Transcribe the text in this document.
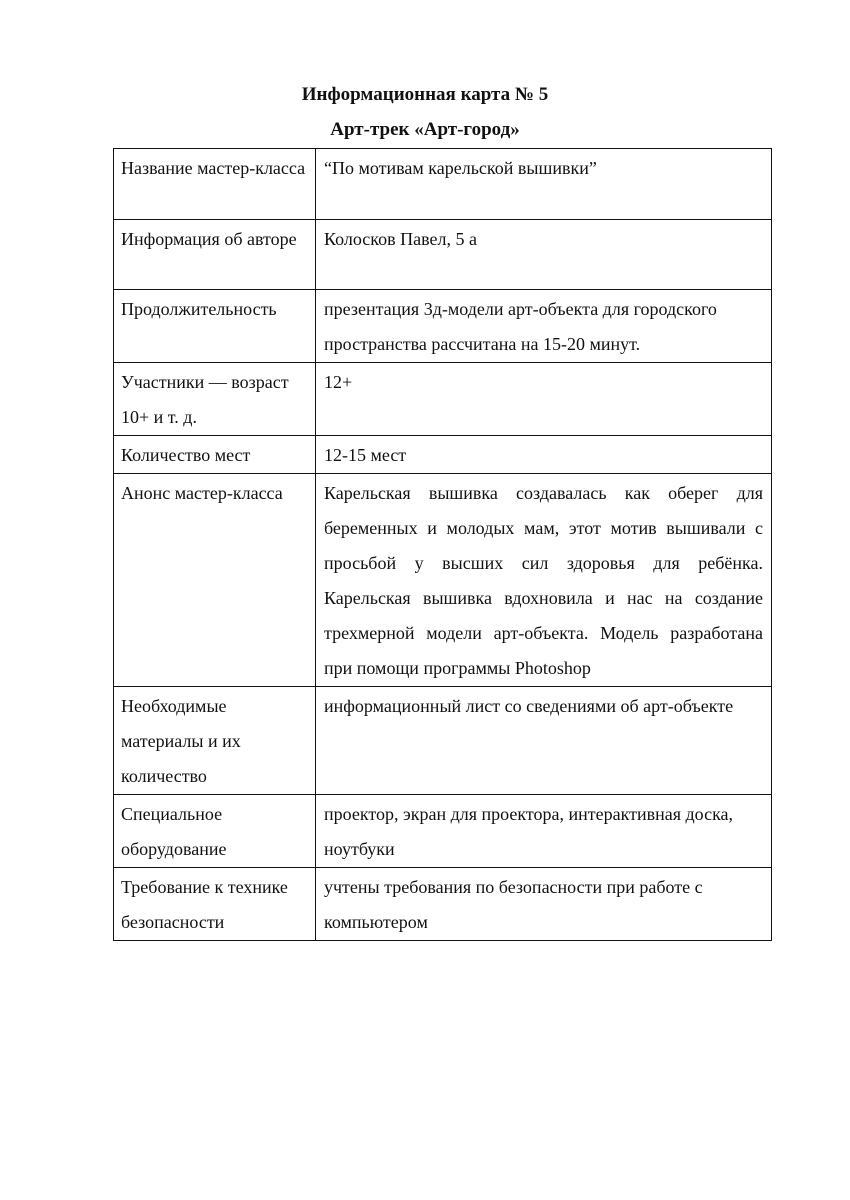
Информационная карта № 5

Арт-трек «Арт-город»

Название мастер-класса	“По мотивам карельской вышивки”
Информация об автоpе	Колосков Павел, 5 а
Продолжительность	презентация 3д-модели арт-объекта для городского пространства рассчитана на 15-20 минут.
Участники — возраст 10+ и т. д.	12+
Количество мест	12-15 мест
Анонс мастер-класса	Карельская вышивка создавалась как оберег для беременных и молодых мам, этот мотив вышивали с просьбой у высших сил здоровья для ребёнка. Карельская вышивка вдохновила и нас на создание трехмерной модели арт-объекта. Модель разработана при помощи программы Photoshop
Необходимые материалы и их количество	информационный лист со сведениями об арт-объекте
Специальное оборудование	проектор, экран для проектора, интерактивная доска, ноутбуки
Требование к технике безопасности	учтены требования по безопасности при работе с компьютером
